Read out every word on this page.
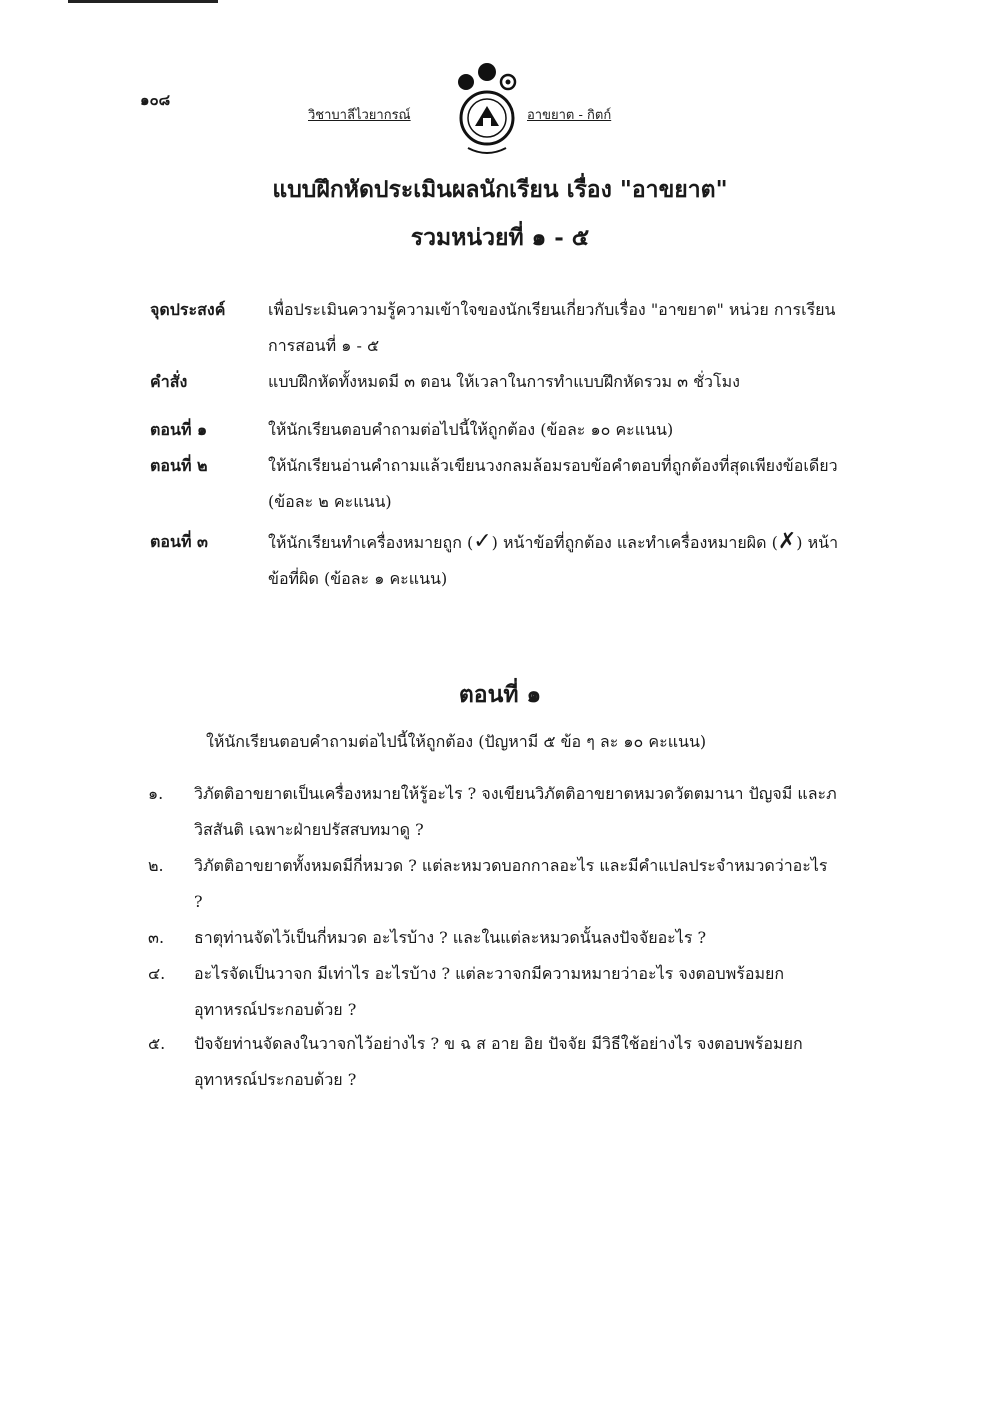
๑๐๘
วิชาบาลีไวยากรณ์	อาขยาต - กิตก์
แบบฝึกหัดประเมินผลนักเรียน เรื่อง "อาขยาต"
รวมหน่วยที่ ๑ - ๕
จุดประสงค์	เพื่อประเมินความรู้ความเข้าใจของนักเรียนเกี่ยวกับเรื่อง "อาขยาต" หน่วย การเรียนการสอนที่ ๑ - ๕
คำสั่ง	แบบฝึกหัดทั้งหมดมี ๓ ตอน ให้เวลาในการทำแบบฝึกหัดรวม ๓ ชั่วโมง
ตอนที่ ๑	ให้นักเรียนตอบคำถามต่อไปนี้ให้ถูกต้อง (ข้อละ ๑๐ คะแนน)
ตอนที่ ๒	ให้นักเรียนอ่านคำถามแล้วเขียนวงกลมล้อมรอบข้อคำตอบที่ถูกต้องที่สุดเพียงข้อเดียว (ข้อละ ๒ คะแนน)
ตอนที่ ๓	ให้นักเรียนทำเครื่องหมายถูก (✓) หน้าข้อที่ถูกต้อง และทำเครื่องหมายผิด (✗) หน้าข้อที่ผิด (ข้อละ ๑ คะแนน)
ตอนที่ ๑
ให้นักเรียนตอบคำถามต่อไปนี้ให้ถูกต้อง (ปัญหามี ๕ ข้อ ๆ ละ ๑๐ คะแนน)
๑. วิภัตติอาขยาตเป็นเครื่องหมายให้รู้อะไร ? จงเขียนวิภัตติอาขยาตหมวดวัตตมานา ปัญจมี และภวิสสันติ เฉพาะฝ่ายปรัสสบทมาดู ?
๒. วิภัตติอาขยาตทั้งหมดมีกี่หมวด ? แต่ละหมวดบอกกาลอะไร และมีคำแปลประจำหมวดว่าอะไร ?
๓. ธาตุท่านจัดไว้เป็นกี่หมวด อะไรบ้าง ? และในแต่ละหมวดนั้นลงปัจจัยอะไร ?
๔. อะไรจัดเป็นวาจก มีเท่าไร อะไรบ้าง ? แต่ละวาจกมีความหมายว่าอะไร จงตอบพร้อมยกอุทาหรณ์ประกอบด้วย ?
๕. ปัจจัยท่านจัดลงในวาจกไว้อย่างไร ? ข ฉ ส อาย อิย ปัจจัย มีวิธีใช้อย่างไร จงตอบพร้อมยกอุทาหรณ์ประกอบด้วย ?
